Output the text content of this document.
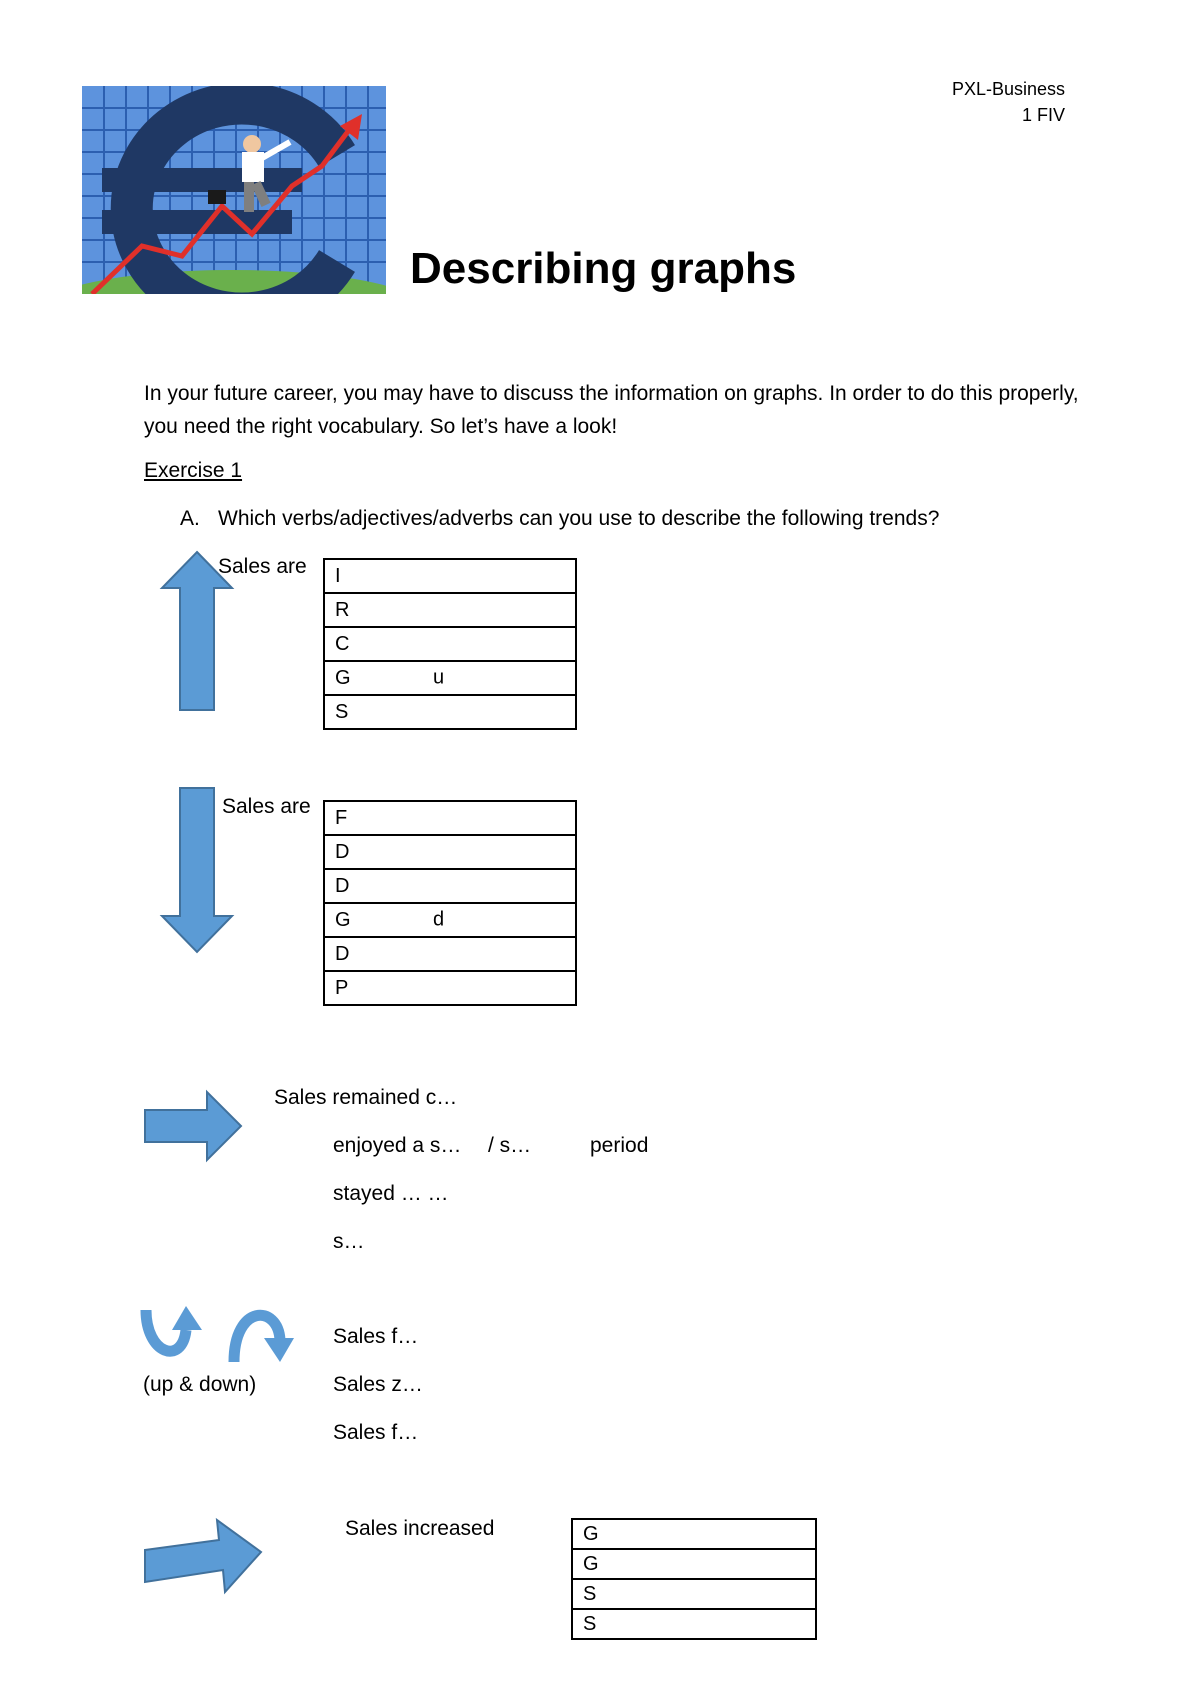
PXL-Business
1 FIV
Describing graphs
In your future career, you may have to discuss the information on graphs. In order to do this properly, you need the right vocabulary. So let’s have a look!
Exercise 1
A. Which verbs/adjectives/adverbs can you use to describe the following trends?
Sales are I

R

C

G	u

S
Sales are F

D

D

G	d

D

P
Sales remained c…
enjoyed a s… / s…	period
stayed … …
s…
(up & down)
Sales f…
Sales z…
Sales f…
Sales increased	G
G
S
S
